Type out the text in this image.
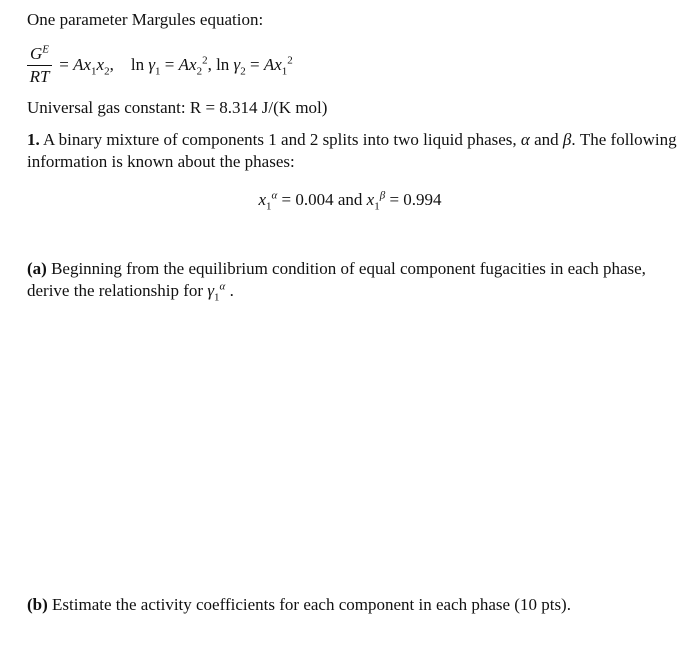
One parameter Margules equation:
$\frac{G^E}{RT} = Ax_1x_2$, $\ln \gamma_1 = Ax_2^2$, $\ln \gamma_2 = Ax_1^2$
Universal gas constant: R = 8.314 J/(K mol)
1. A binary mixture of components 1 and 2 splits into two liquid phases, α and β. The following information is known about the phases:
$x_1^\alpha = 0.004$ and $x_1^\beta = 0.994$
(a) Beginning from the equilibrium condition of equal component fugacities in each phase, derive the relationship for $\gamma_1^\alpha$ .
(b) Estimate the activity coefficients for each component in each phase (10 pts).
